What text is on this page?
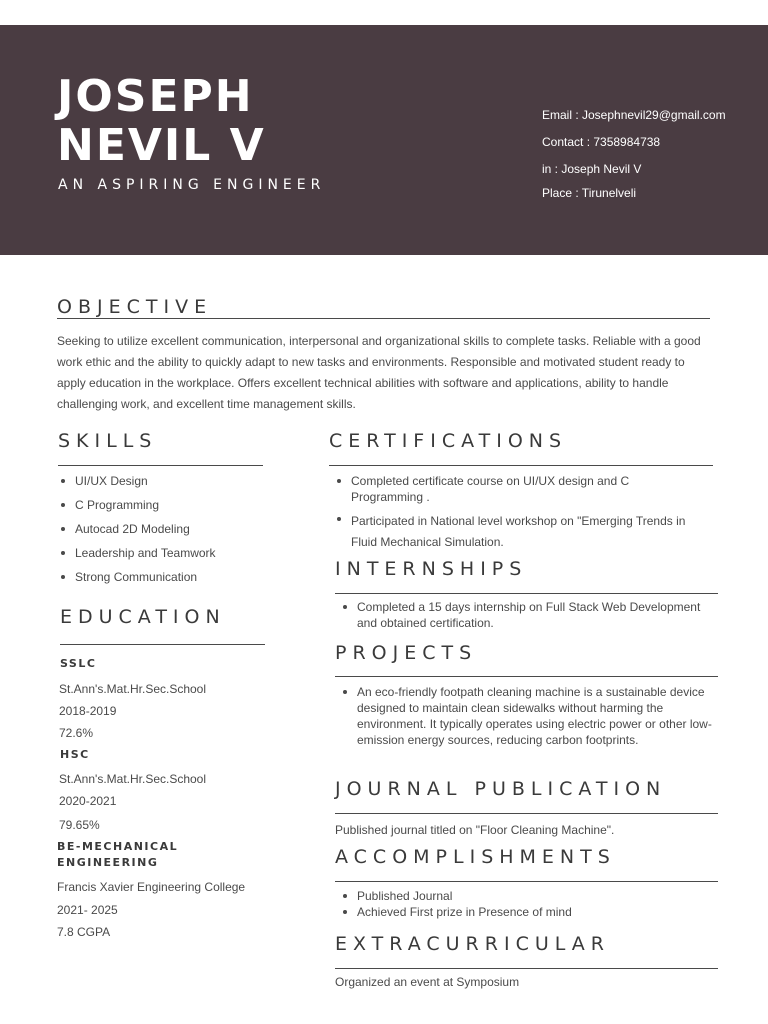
JOSEPH
NEVIL V
AN ASPIRING ENGINEER
Email : Josephnevil29@gmail.com
Contact : 7358984738
in : Joseph Nevil V
Place : Tirunelveli
OBJECTIVE
Seeking to utilize excellent communication, interpersonal and organizational skills to complete tasks. Reliable with a good work ethic and the ability to quickly adapt to new tasks and environments. Responsible and motivated student ready to apply education in the workplace. Offers excellent technical abilities with software and applications, ability to handle challenging work, and excellent time management skills.
SKILLS
UI/UX Design
C Programming
Autocad 2D Modeling
Leadership and Teamwork
Strong Communication
EDUCATION
SSLC
St.Ann's.Mat.Hr.Sec.School
2018-2019
72.6%
HSC
St.Ann's.Mat.Hr.Sec.School
2020-2021
79.65%
BE-MECHANICAL ENGINEERING
Francis Xavier Engineering College
2021- 2025
7.8 CGPA
CERTIFICATIONS
Completed certificate course on UI/UX design and C Programming .
Participated in National level workshop on "Emerging Trends in Fluid Mechanical Simulation.
INTERNSHIPS
Completed a 15 days internship on Full Stack Web Development and obtained certification.
PROJECTS
An eco-friendly footpath cleaning machine is a sustainable device designed to maintain clean sidewalks without harming the environment. It typically operates using electric power or other low-emission energy sources, reducing carbon footprints.
JOURNAL PUBLICATION
Published journal titled on "Floor Cleaning Machine".
ACCOMPLISHMENTS
Published Journal
Achieved First prize in Presence of mind
EXTRACURRICULAR
Organized an event at Symposium
